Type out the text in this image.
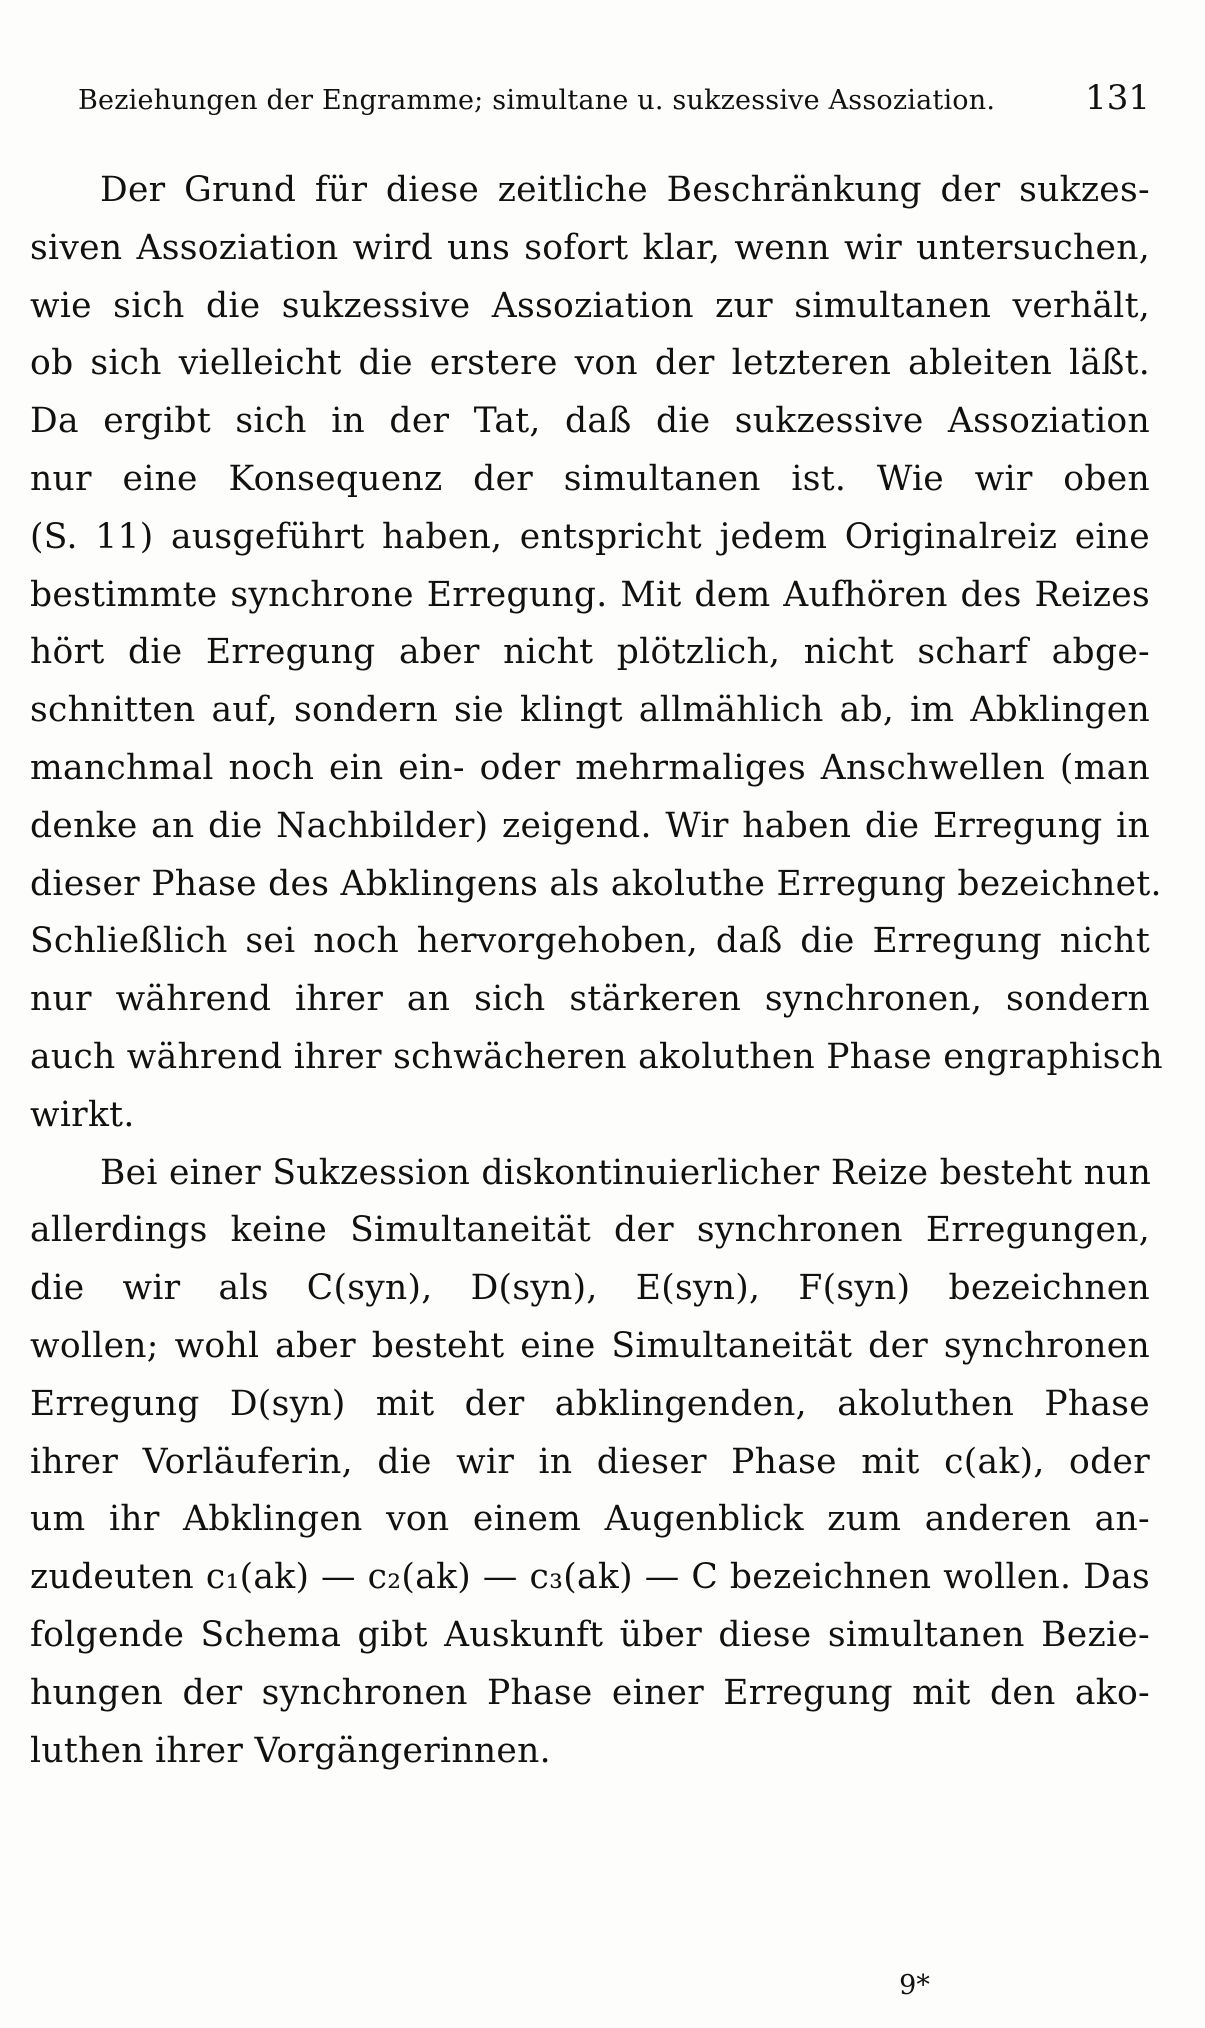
Beziehungen der Engramme; simultane u. sukzessive Assoziation.	131
Der Grund für diese zeitliche Beschränkung der sukzes-
siven Assoziation wird uns sofort klar, wenn wir untersuchen,
wie sich die sukzessive Assoziation zur simultanen verhält,
ob sich vielleicht die erstere von der letzteren ableiten läßt.
Da ergibt sich in der Tat, daß die sukzessive Assoziation
nur eine Konsequenz der simultanen ist. Wie wir oben
(S. 11) ausgeführt haben, entspricht jedem Originalreiz eine
bestimmte synchrone Erregung. Mit dem Aufhören des Reizes
hört die Erregung aber nicht plötzlich, nicht scharf abge-
schnitten auf, sondern sie klingt allmählich ab, im Abklingen
manchmal noch ein ein- oder mehrmaliges Anschwellen (man
denke an die Nachbilder) zeigend. Wir haben die Erregung in
dieser Phase des Abklingens als akoluthe Erregung bezeichnet.
Schließlich sei noch hervorgehoben, daß die Erregung nicht
nur während ihrer an sich stärkeren synchronen, sondern
auch während ihrer schwächeren akoluthen Phase engraphisch
wirkt.
Bei einer Sukzession diskontinuierlicher Reize besteht nun
allerdings keine Simultaneität der synchronen Erregungen,
die wir als C(syn), D(syn), E(syn), F(syn) bezeichnen
wollen; wohl aber besteht eine Simultaneität der synchronen
Erregung D(syn) mit der abklingenden, akoluthen Phase
ihrer Vorläuferin, die wir in dieser Phase mit c(ak), oder
um ihr Abklingen von einem Augenblick zum anderen an-
zudeuten c₁(ak) — c₂(ak) — c₃(ak) — C bezeichnen wollen. Das
folgende Schema gibt Auskunft über diese simultanen Bezie-
hungen der synchronen Phase einer Erregung mit den ako-
luthen ihrer Vorgängerinnen.
9*
